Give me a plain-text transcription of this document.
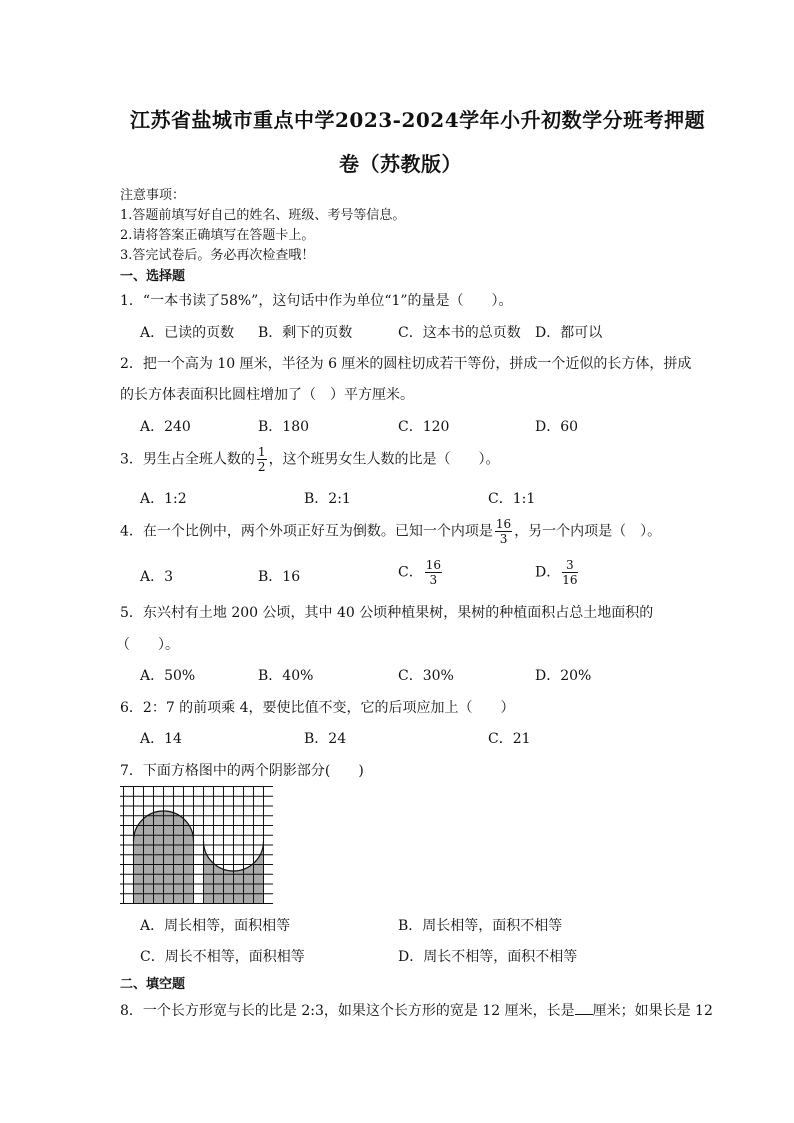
江苏省盐城市重点中学2023-2024学年小升初数学分班考押题
卷（苏教版）
注意事项：
1.答题前填写好自己的姓名、班级、考号等信息。
2.请将答案正确填写在答题卡上。
3.答完试卷后。务必再次检查哦！
一、选择题
1．“一本书读了58%”，这句话中作为单位“1”的量是（　　）。
A．已读的页数 B．剩下的页数	C．这本书的总页数 D．都可以
2．把一个高为 10 厘米，半径为 6 厘米的圆柱切成若干等份，拼成一个近似的长方体，拼成
的长方体表面积比圆柱增加了（　）平方厘米。
A．240	B．180	C．120	D．60
3．男生占全班人数的 $\frac{1}{2}$ ，这个班男女生人数的比是（　　）。
A．1:2	B．2:1	C．1:1
4．在一个比例中，两个外项正好互为倒数。已知一个内项是 $\frac{16}{3}$ ，另一个内项是（　）。
A．3	B．16	C． $\frac{16}{3}$	D． $\frac{3}{16}$
5．东兴村有土地 200 公顷，其中 40 公顷种植果树，果树的种植面积占总土地面积的
（　　）。
A．50%	B．40%	C．30%	D．20%
6．2：7 的前项乘 4，要使比值不变，它的后项应加上（　　）
A．14	B．24	C．21
7．下面方格图中的两个阴影部分(　　)
A．周长相等，面积相等	B．周长相等，面积不相等
C．周长不相等，面积相等	D．周长不相等，面积不相等
二、填空题
8．一个长方形宽与长的比是 2:3，如果这个长方形的宽是 12 厘米，长是 厘米；如果长是 12
